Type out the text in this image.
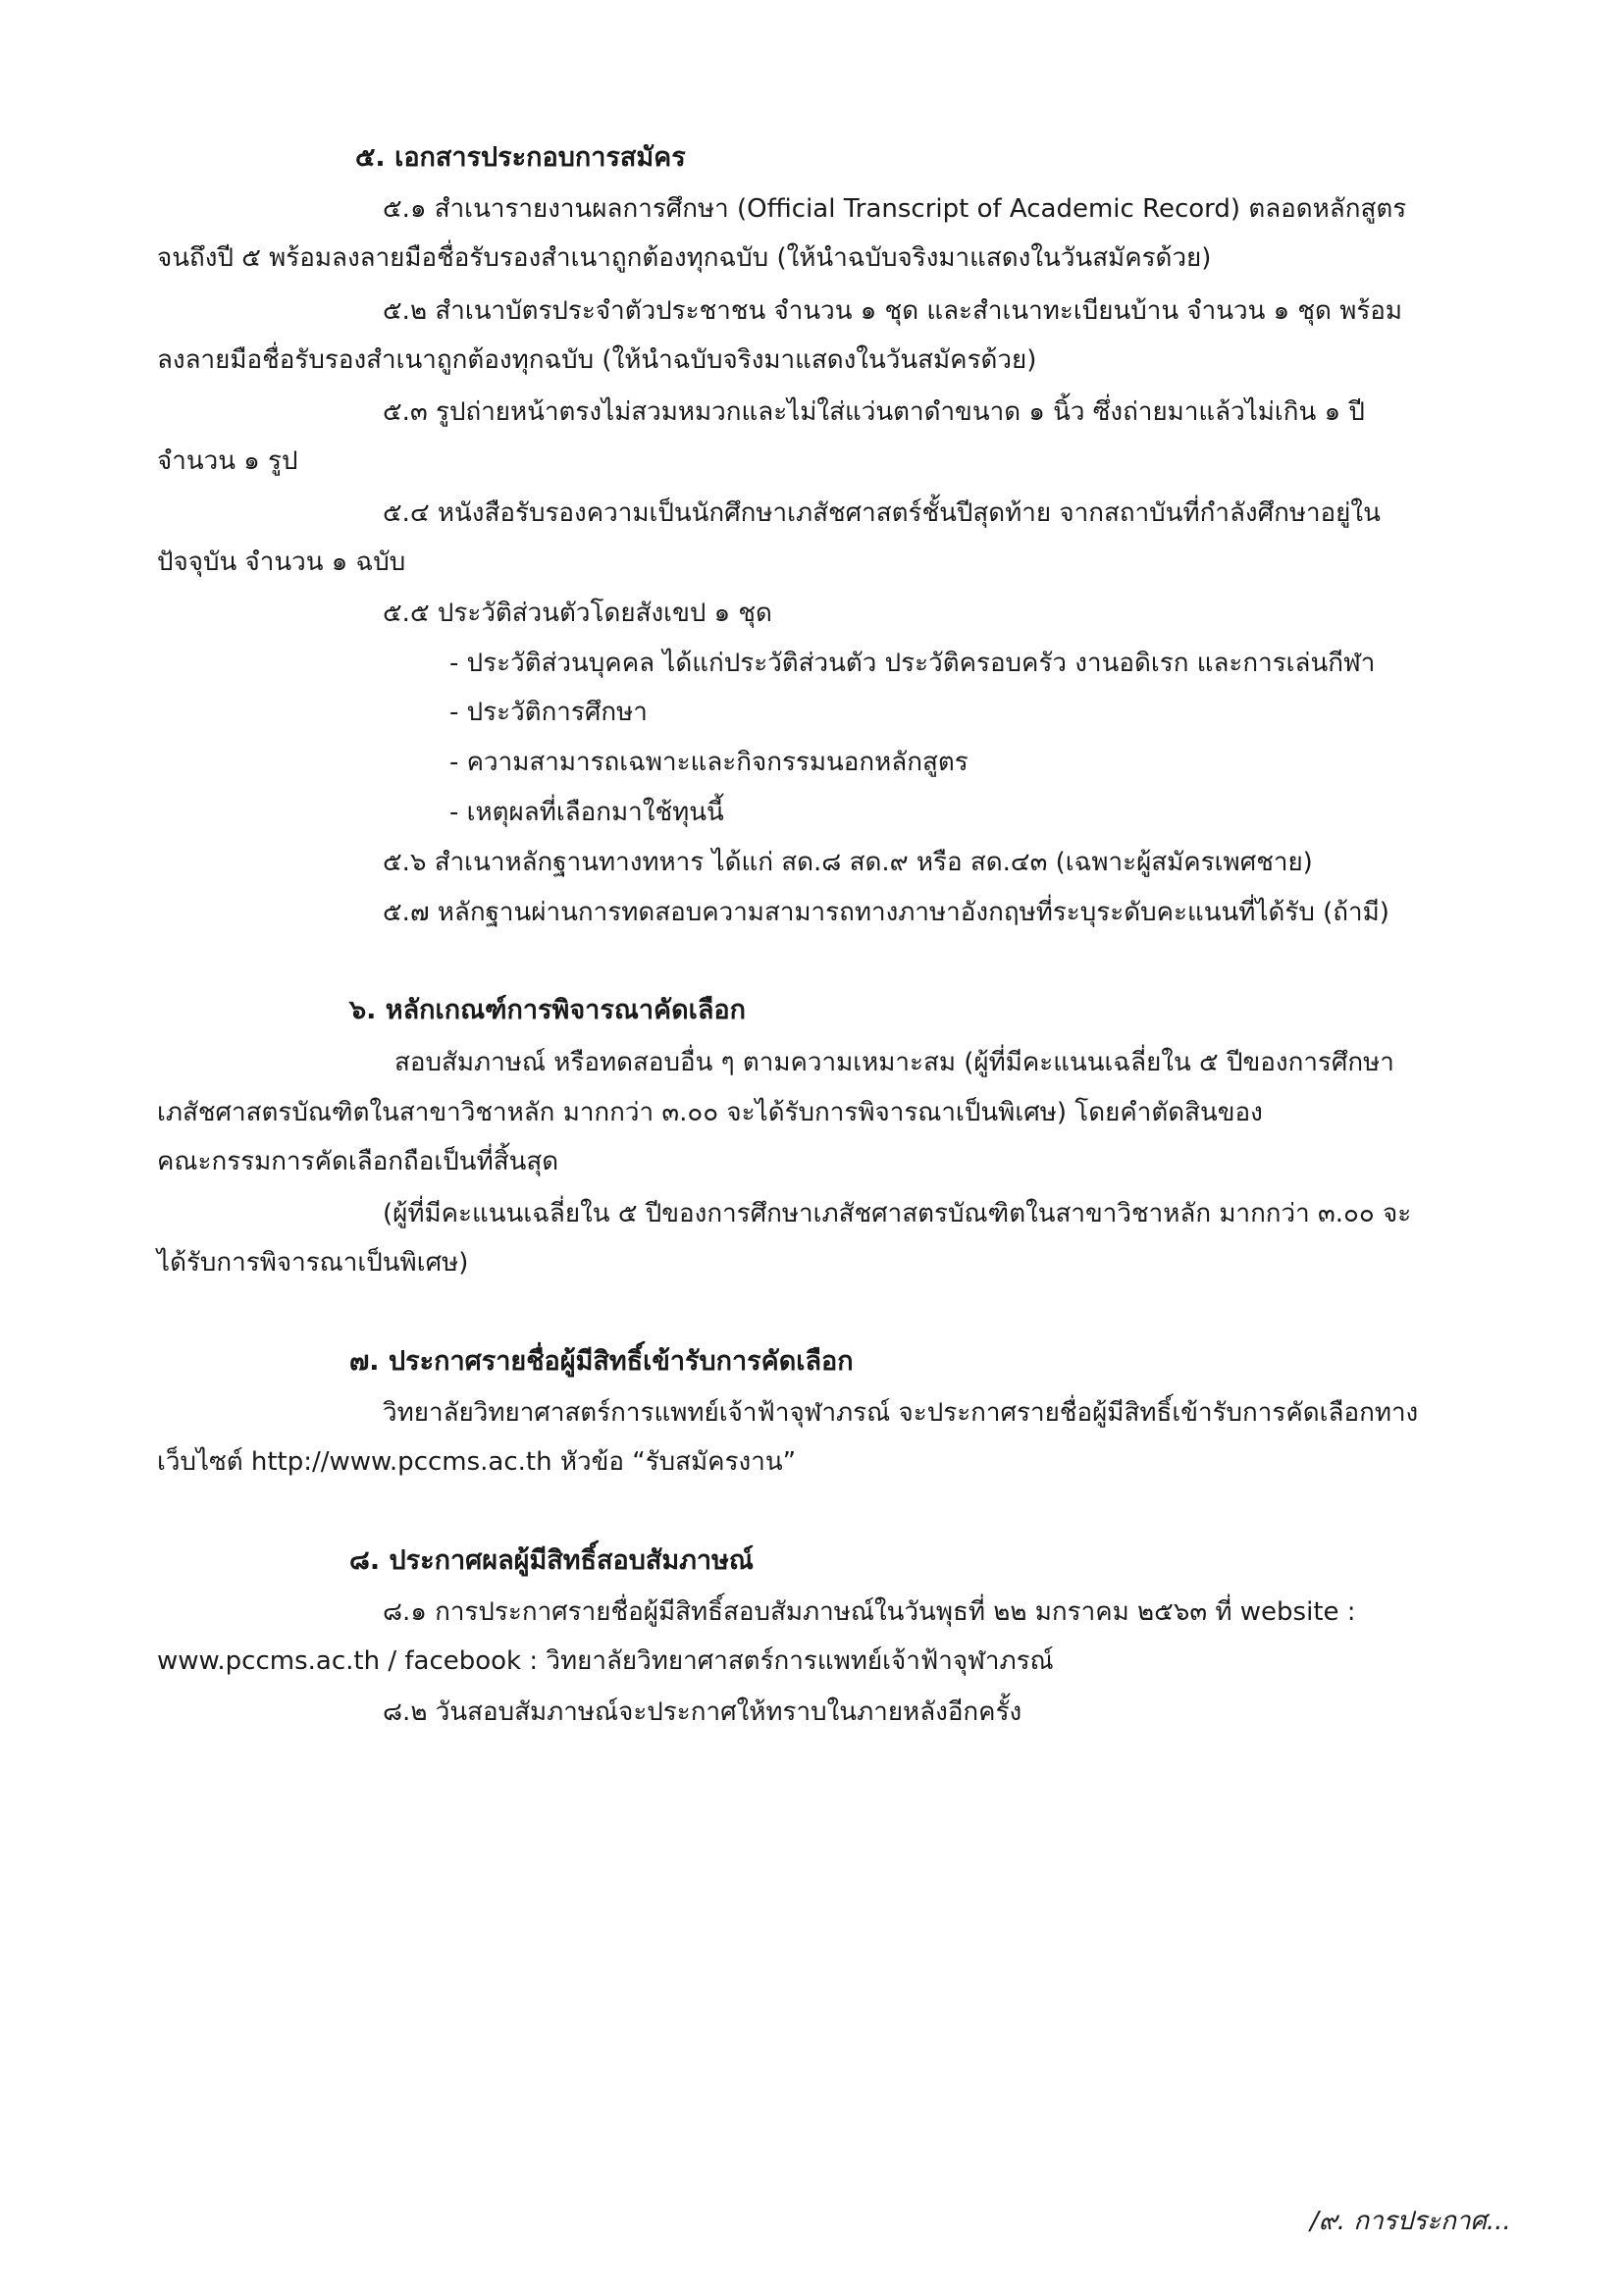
๕. เอกสารประกอบการสมัคร
๕.๑ สำเนารายงานผลการศึกษา (Official Transcript of Academic Record) ตลอดหลักสูตร
จนถึงปี ๕ พร้อมลงลายมือชื่อรับรองสำเนาถูกต้องทุกฉบับ (ให้นำฉบับจริงมาแสดงในวันสมัครด้วย)
๕.๒ สำเนาบัตรประจำตัวประชาชน จำนวน ๑ ชุด และสำเนาทะเบียนบ้าน จำนวน ๑ ชุด พร้อม
ลงลายมือชื่อรับรองสำเนาถูกต้องทุกฉบับ (ให้นำฉบับจริงมาแสดงในวันสมัครด้วย)
๕.๓ รูปถ่ายหน้าตรงไม่สวมหมวกและไม่ใส่แว่นตาดำขนาด ๑ นิ้ว ซึ่งถ่ายมาแล้วไม่เกิน ๑ ปี
จำนวน ๑ รูป
๕.๔ หนังสือรับรองความเป็นนักศึกษาเภสัชศาสตร์ชั้นปีสุดท้าย จากสถาบันที่กำลังศึกษาอยู่ใน
ปัจจุบัน จำนวน ๑ ฉบับ
๕.๕ ประวัติส่วนตัวโดยสังเขป ๑ ชุด
- ประวัติส่วนบุคคล ได้แก่ประวัติส่วนตัว ประวัติครอบครัว งานอดิเรก และการเล่นกีฬา
- ประวัติการศึกษา
- ความสามารถเฉพาะและกิจกรรมนอกหลักสูตร
- เหตุผลที่เลือกมาใช้ทุนนี้
๕.๖ สำเนาหลักฐานทางทหาร ได้แก่ สด.๘ สด.๙ หรือ สด.๔๓ (เฉพาะผู้สมัครเพศชาย)
๕.๗ หลักฐานผ่านการทดสอบความสามารถทางภาษาอังกฤษที่ระบุระดับคะแนนที่ได้รับ (ถ้ามี)
๖. หลักเกณฑ์การพิจารณาคัดเลือก
สอบสัมภาษณ์ หรือทดสอบอื่น ๆ ตามความเหมาะสม (ผู้ที่มีคะแนนเฉลี่ยใน ๕ ปีของการศึกษา
เภสัชศาสตรบัณฑิตในสาขาวิชาหลัก มากกว่า ๓.๐๐ จะได้รับการพิจารณาเป็นพิเศษ) โดยคำตัดสินของ
คณะกรรมการคัดเลือกถือเป็นที่สิ้นสุด
(ผู้ที่มีคะแนนเฉลี่ยใน ๕ ปีของการศึกษาเภสัชศาสตรบัณฑิตในสาขาวิชาหลัก มากกว่า ๓.๐๐ จะ
ได้รับการพิจารณาเป็นพิเศษ)
๗. ประกาศรายชื่อผู้มีสิทธิ์เข้ารับการคัดเลือก
วิทยาลัยวิทยาศาสตร์การแพทย์เจ้าฟ้าจุฬาภรณ์ จะประกาศรายชื่อผู้มีสิทธิ์เข้ารับการคัดเลือกทาง
เว็บไซต์ http://www.pccms.ac.th หัวข้อ “รับสมัครงาน”
๘. ประกาศผลผู้มีสิทธิ์สอบสัมภาษณ์
๘.๑ การประกาศรายชื่อผู้มีสิทธิ์สอบสัมภาษณ์ในวันพุธที่ ๒๒ มกราคม ๒๕๖๓ ที่ website :
www.pccms.ac.th / facebook : วิทยาลัยวิทยาศาสตร์การแพทย์เจ้าฟ้าจุฬาภรณ์
๘.๒ วันสอบสัมภาษณ์จะประกาศให้ทราบในภายหลังอีกครั้ง
/๙. การประกาศ...
